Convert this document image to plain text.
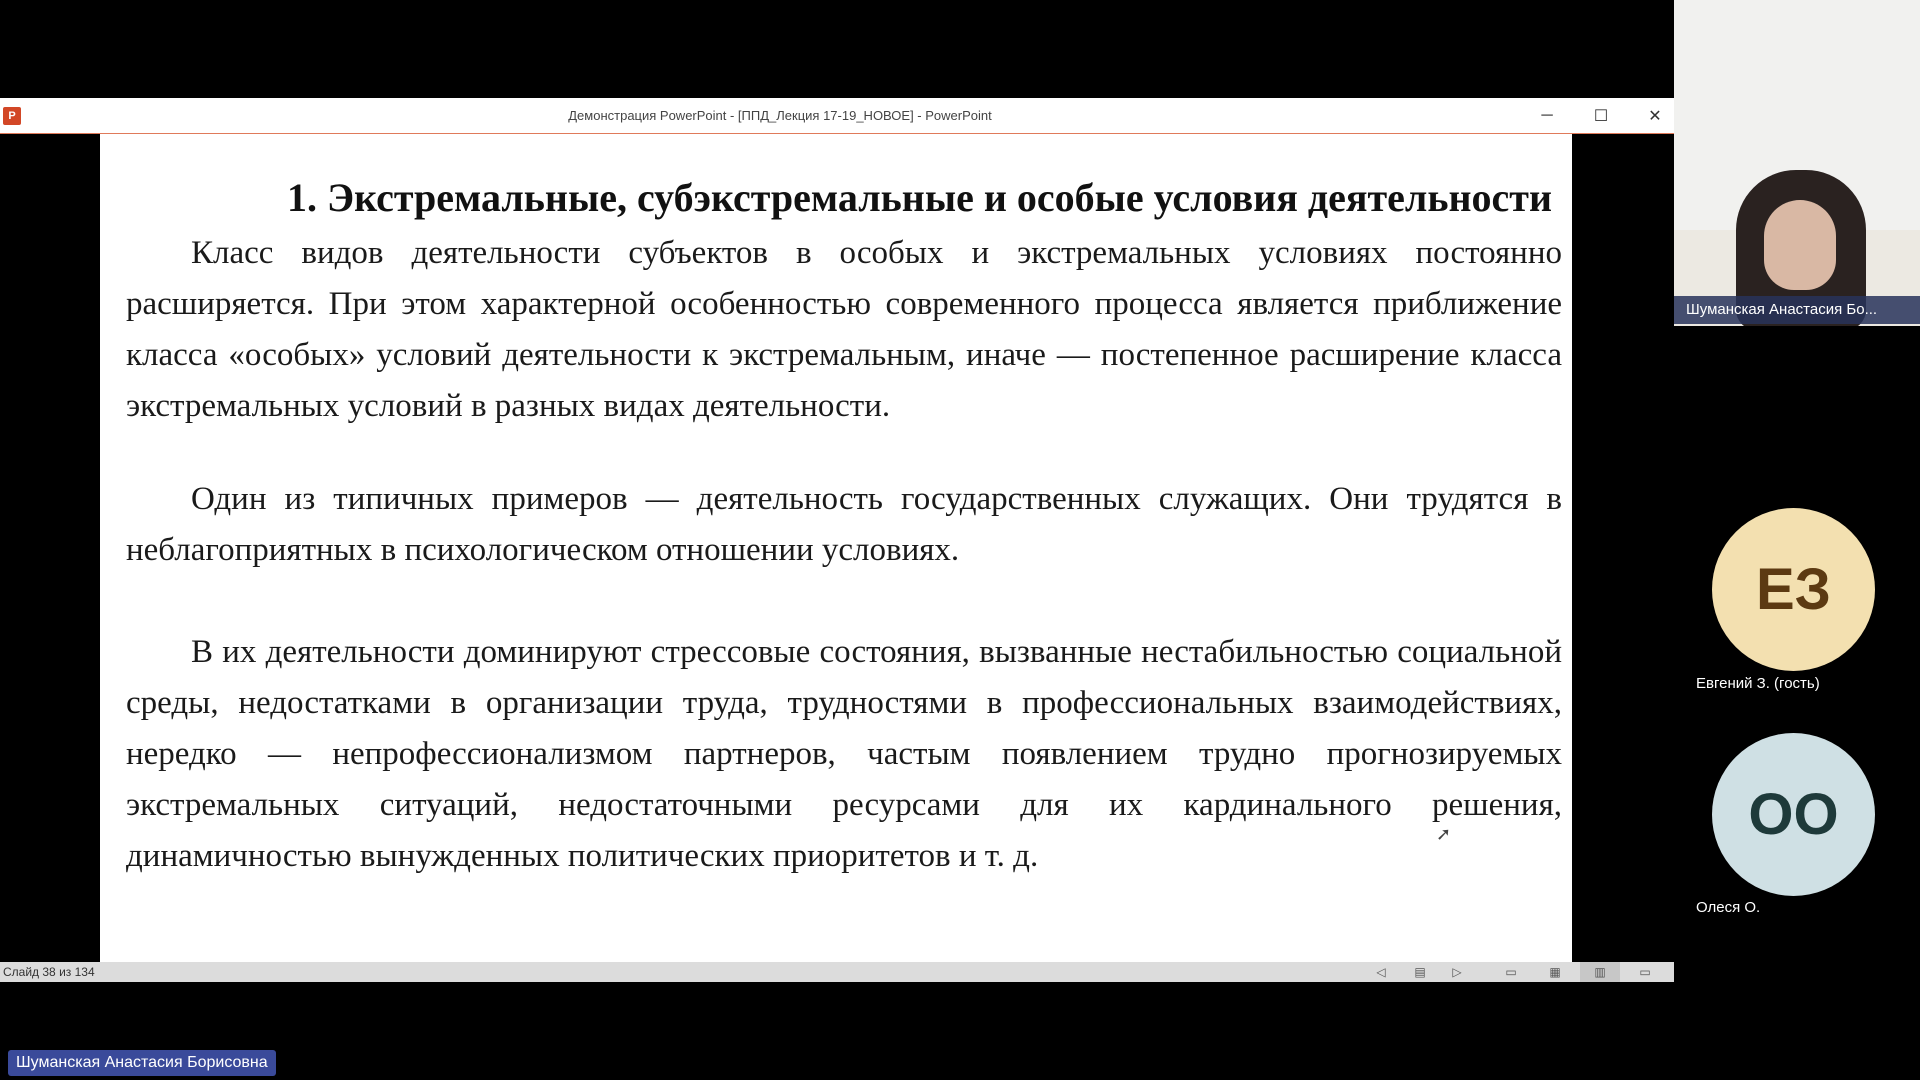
P	Демонстрация PowerPoint - [ППД_Лекция 17-19_НОВОЕ] - PowerPoint	─	☐	✕
1. Экстремальные, субэкстремальные и особые условия деятельности
Класс видов деятельности субъектов в особых и экстремальных условиях постоянно расширяется. При этом характерной особенностью современного процесса является приближение класса «особых» условий деятельности к экстремальным, иначе — постепенное расширение класса экстремальных условий в разных видах деятельности.
Один из типичных примеров — деятельность государственных служащих. Они трудятся в неблагоприятных в психологическом отношении условиях.
В их деятельности доминируют стрессовые состояния, вызванные нестабильностью социальной среды, недостатками в организации труда, трудностями в профессиональных взаимодействиях, нередко — непрофессионализмом партнеров, частым появлением трудно прогнозируемых экстремальных ситуаций, недостаточными ресурсами для их кардинального решения, динамичностью вынужденных политических приоритетов и т. д.
Слайд 38 из 134	◁ ▤ ▷	▭	▦	▥	▭
Шуманская Анастасия Бо...
ЕЗ
Евгений З. (гость)
ОО
Олеся О.
Шуманская Анастасия Борисовна
➚
